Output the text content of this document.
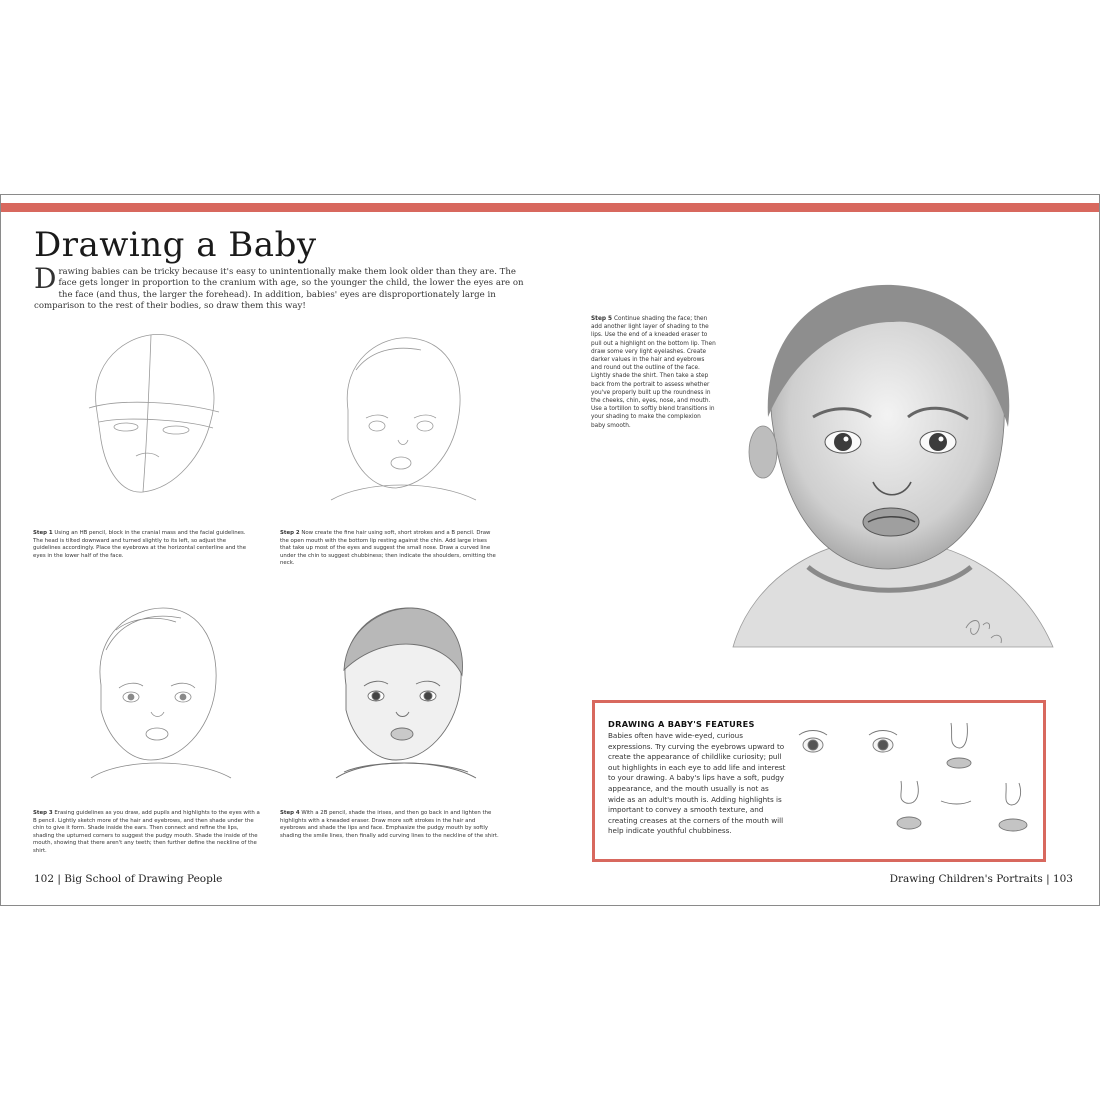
Drawing a Baby
Drawing babies can be tricky because it's easy to unintentionally make them look older than they are. The face gets longer in proportion to the cranium with age, so the younger the child, the lower the eyes are on the face (and thus, the larger the forehead). In addition, babies' eyes are disproportionately large in comparison to the rest of their bodies, so draw them this way!
Step 1 Using an HB pencil, block in the cranial mass and the facial guidelines. The head is tilted downward and turned slightly to its left, so adjust the guidelines accordingly. Place the eyebrows at the horizontal centerline and the eyes in the lower half of the face.
Step 2 Now create the fine hair using soft, short strokes and a B pencil. Draw the open mouth with the bottom lip resting against the chin. Add large irises that take up most of the eyes and suggest the small nose. Draw a curved line under the chin to suggest chubbiness; then indicate the shoulders, omitting the neck.
Step 3 Erasing guidelines as you draw, add pupils and highlights to the eyes with a B pencil. Lightly sketch more of the hair and eyebrows, and then shade under the chin to give it form. Shade inside the ears. Then connect and refine the lips, shading the upturned corners to suggest the pudgy mouth. Shade the inside of the mouth, showing that there aren't any teeth; then further define the neckline of the shirt.
Step 4 With a 2B pencil, shade the irises, and then go back in and lighten the highlights with a kneaded eraser. Draw more soft strokes in the hair and eyebrows and shade the lips and face. Emphasize the pudgy mouth by softly shading the smile lines, then finally add curving lines to the neckline of the shirt.
Step 5 Continue shading the face; then add another light layer of shading to the lips. Use the end of a kneaded eraser to pull out a highlight on the bottom lip. Then draw some very light eyelashes. Create darker values in the hair and eyebrows and round out the outline of the face. Lightly shade the shirt. Then take a step back from the portrait to assess whether you've properly built up the roundness in the cheeks, chin, eyes, nose, and mouth. Use a tortillon to softly blend transitions in your shading to make the complexion baby smooth.
DRAWING A BABY'S FEATURES
Babies often have wide-eyed, curious expressions. Try curving the eyebrows upward to create the appearance of childlike curiosity; pull out highlights in each eye to add life and interest to your drawing. A baby's lips have a soft, pudgy appearance, and the mouth usually is not as wide as an adult's mouth is. Adding highlights is important to convey a smooth texture, and creating creases at the corners of the mouth will help indicate youthful chubbiness.
102 | Big School of Drawing People	Drawing Children's Portraits | 103
